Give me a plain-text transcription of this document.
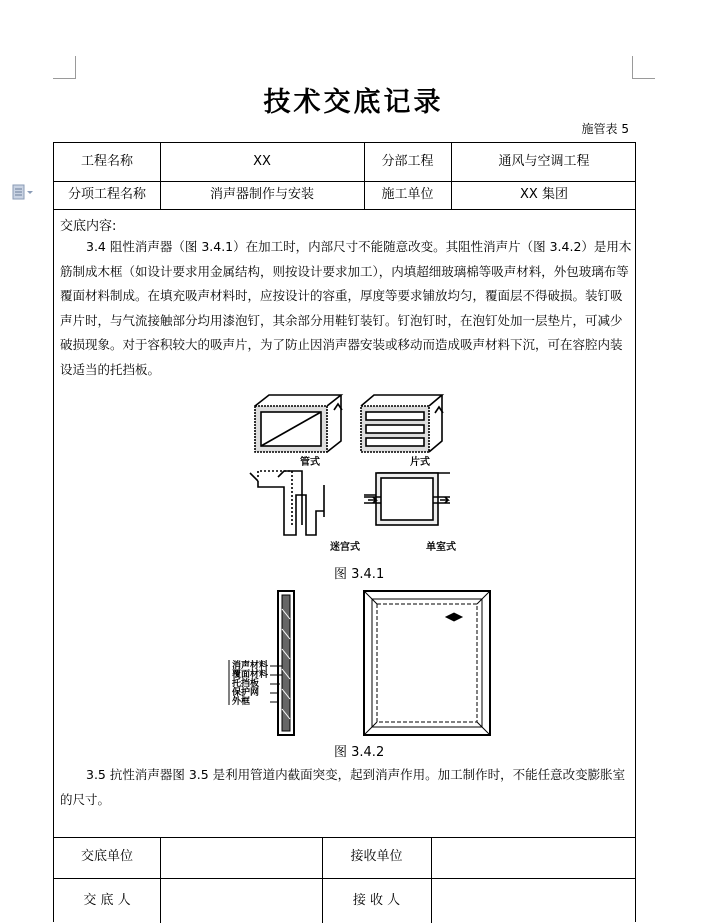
技术交底记录
施管表 5
工程名称	XX	分部工程	通风与空调工程
分项工程名称	消声器制作与安装	施工单位	XX 集团
交底内容:

3.4 阻性消声器（图 3.4.1）在加工时，内部尺寸不能随意改变。其阻性消声片（图 3.4.2）是用木筋制成木框（如设计要求用金属结构，则按设计要求加工），内填超细玻璃棉等吸声材料，外包玻璃布等覆面材料制成。在填充吸声材料时，应按设计的容重，厚度等要求铺放均匀，覆面层不得破损。装钉吸声片时，与气流接触部分均用漆泡钉，其余部分用鞋钉装钉。钉泡钉时，在泡钉处加一层垫片，可减少破损现象。对于容积较大的吸声片，为了防止因消声器安装或移动而造成吸声材料下沉，可在容腔内装设适当的托挡板。

管式	片式
迷宫式	单室式
图 3.4.1
消声材料
覆面材料
托挡板
保护网
外框
图 3.4.2

3.5 抗性消声器图 3.5 是利用管道内截面突变，起到消声作用。加工制作时，不能任意改变膨胀室的尺寸。

交底单位	接收单位
交 底 人	接 收 人
